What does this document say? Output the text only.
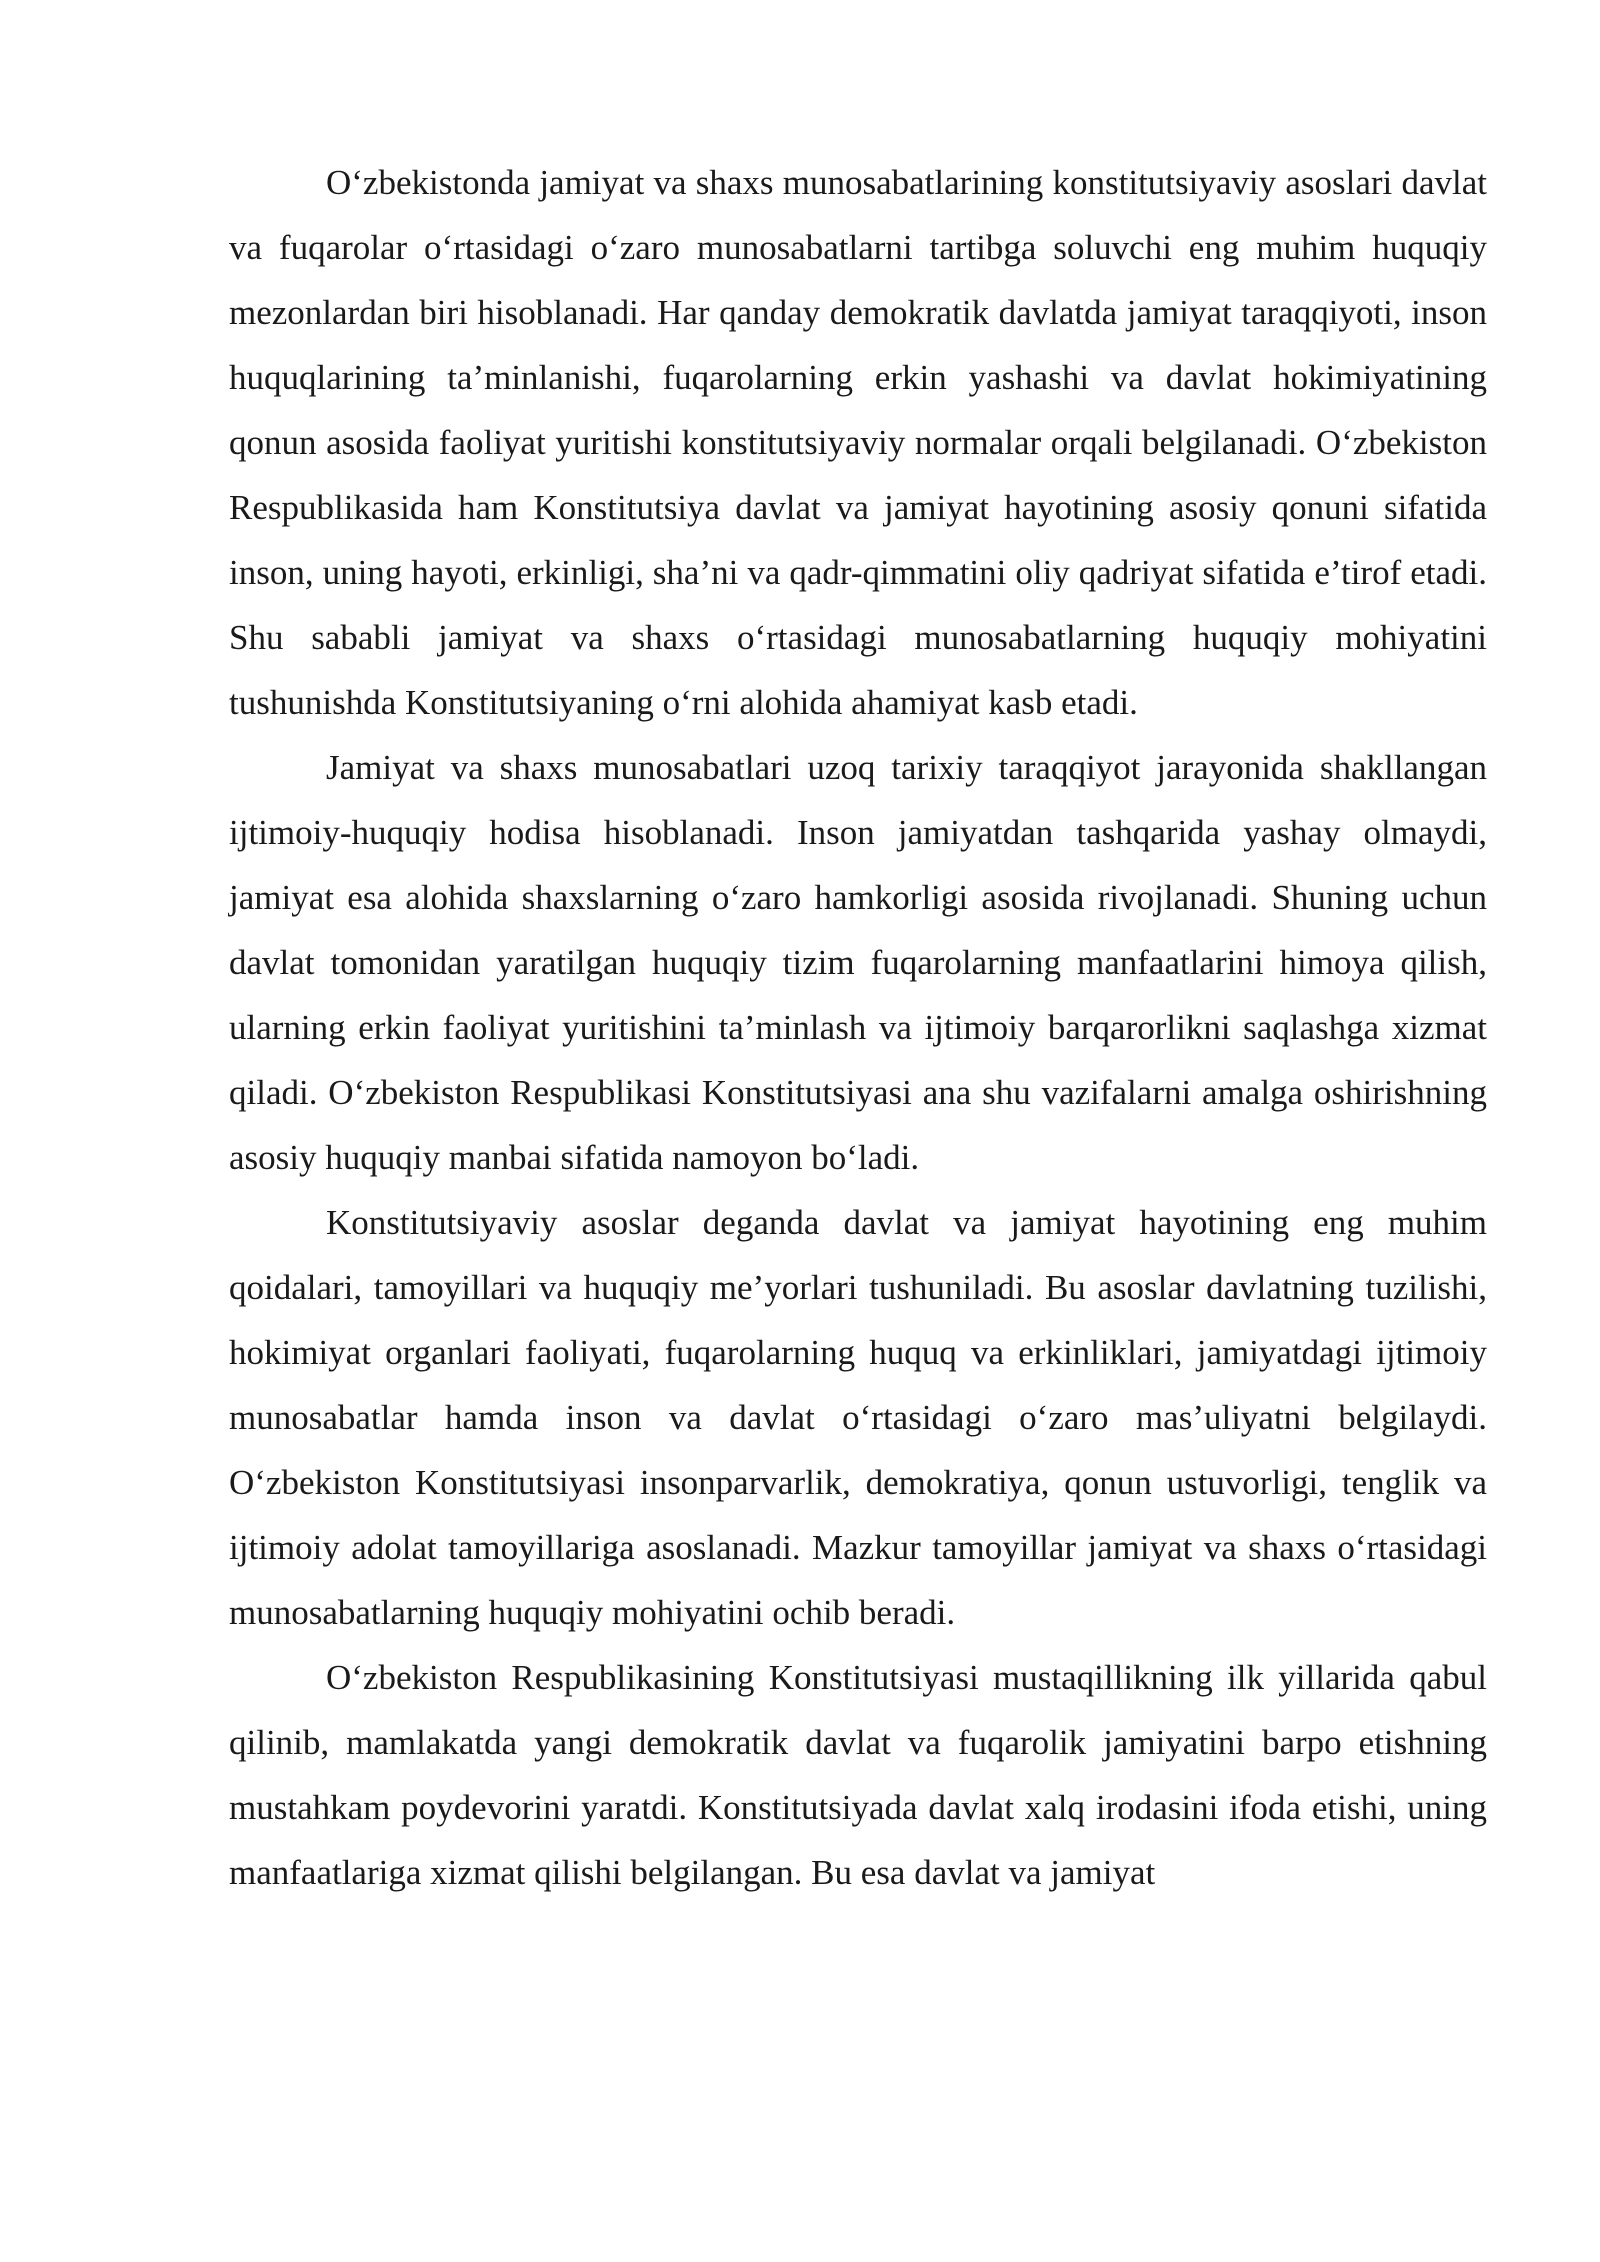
O‘zbekistonda jamiyat va shaxs munosabatlarining konstitutsiyaviy asoslari davlat va fuqarolar o‘rtasidagi o‘zaro munosabatlarni tartibga soluvchi eng muhim huquqiy mezonlardan biri hisoblanadi. Har qanday demokratik davlatda jamiyat taraqqiyoti, inson huquqlarining ta’minlanishi, fuqarolarning erkin yashashi va davlat hokimiyatining qonun asosida faoliyat yuritishi konstitutsiyaviy normalar orqali belgilanadi. O‘zbekiston Respublikasida ham Konstitutsiya davlat va jamiyat hayotining asosiy qonuni sifatida inson, uning hayoti, erkinligi, sha’ni va qadr-qimmatini oliy qadriyat sifatida e’tirof etadi. Shu sababli jamiyat va shaxs o‘rtasidagi munosabatlarning huquqiy mohiyatini tushunishda Konstitutsiyaning o‘rni alohida ahamiyat kasb etadi.

Jamiyat va shaxs munosabatlari uzoq tarixiy taraqqiyot jarayonida shakllangan ijtimoiy-huquqiy hodisa hisoblanadi. Inson jamiyatdan tashqarida yashay olmaydi, jamiyat esa alohida shaxslarning o‘zaro hamkorligi asosida rivojlanadi. Shuning uchun davlat tomonidan yaratilgan huquqiy tizim fuqarolarning manfaatlarini himoya qilish, ularning erkin faoliyat yuritishini ta’minlash va ijtimoiy barqarorlikni saqlashga xizmat qiladi. O‘zbekiston Respublikasi Konstitutsiyasi ana shu vazifalarni amalga oshirishning asosiy huquqiy manbai sifatida namoyon bo‘ladi.

Konstitutsiyaviy asoslar deganda davlat va jamiyat hayotining eng muhim qoidalari, tamoyillari va huquqiy me’yorlari tushuniladi. Bu asoslar davlatning tuzilishi, hokimiyat organlari faoliyati, fuqarolarning huquq va erkinliklari, jamiyatdagi ijtimoiy munosabatlar hamda inson va davlat o‘rtasidagi o‘zaro mas’uliyatni belgilaydi. O‘zbekiston Konstitutsiyasi insonparvarlik, demokratiya, qonun ustuvorligi, tenglik va ijtimoiy adolat tamoyillariga asoslanadi. Mazkur tamoyillar jamiyat va shaxs o‘rtasidagi munosabatlarning huquqiy mohiyatini ochib beradi.

O‘zbekiston Respublikasining Konstitutsiyasi mustaqillikning ilk yillarida qabul qilinib, mamlakatda yangi demokratik davlat va fuqarolik jamiyatini barpo etishning mustahkam poydevorini yaratdi. Konstitutsiyada davlat xalq irodasini ifoda etishi, uning manfaatlariga xizmat qilishi belgilangan. Bu esa davlat va jamiyat
